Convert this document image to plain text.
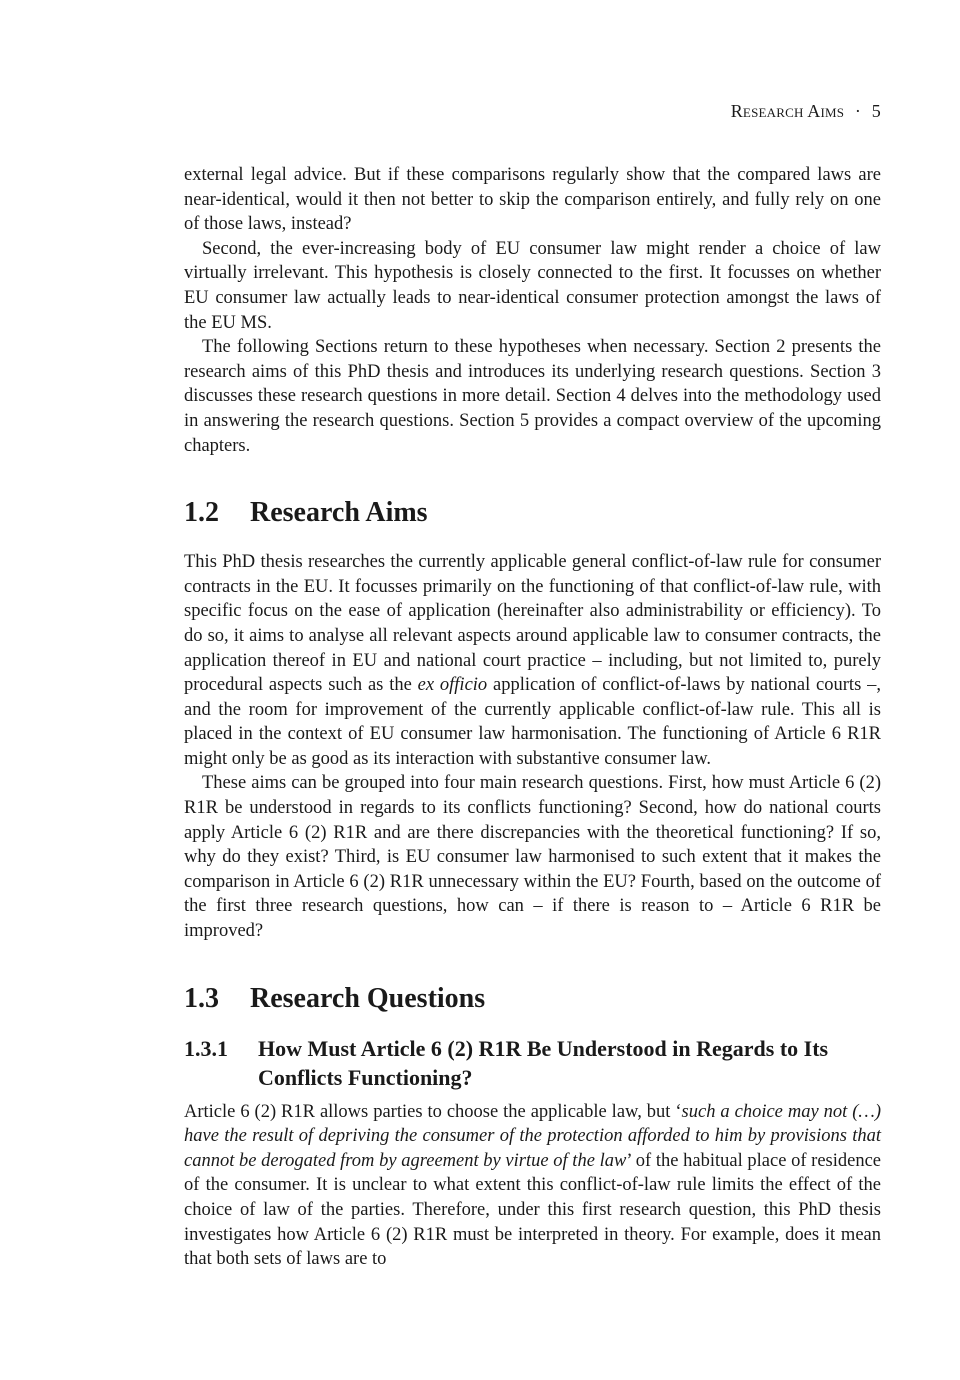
Research Aims · 5

external legal advice. But if these comparisons regularly show that the compared laws are near-identical, would it then not better to skip the comparison entirely, and fully rely on one of those laws, instead?

Second, the ever-increasing body of EU consumer law might render a choice of law virtually irrelevant. This hypothesis is closely connected to the first. It focusses on whether EU consumer law actually leads to near-identical consumer protection amongst the laws of the EU MS.

The following Sections return to these hypotheses when necessary. Section 2 presents the research aims of this PhD thesis and introduces its underlying research questions. Section 3 discusses these research questions in more detail. Section 4 delves into the methodology used in answering the research questions. Section 5 provides a compact overview of the upcoming chapters.

1.2	Research Aims

This PhD thesis researches the currently applicable general conflict-of-law rule for consumer contracts in the EU. It focusses primarily on the functioning of that conflict-of-law rule, with specific focus on the ease of application (hereinafter also administrability or efficiency). To do so, it aims to analyse all relevant aspects around applicable law to consumer contracts, the application thereof in EU and national court practice – including, but not limited to, purely procedural aspects such as the ex officio application of conflict-of-laws by national courts –, and the room for improvement of the currently applicable conflict-of-law rule. This all is placed in the context of EU consumer law harmonisation. The functioning of Article 6 R1R might only be as good as its interaction with substantive consumer law.

These aims can be grouped into four main research questions. First, how must Article 6 (2) R1R be understood in regards to its conflicts functioning? Second, how do national courts apply Article 6 (2) R1R and are there discrepancies with the theoretical functioning? If so, why do they exist? Third, is EU consumer law harmonised to such extent that it makes the comparison in Article 6 (2) R1R unnecessary within the EU? Fourth, based on the outcome of the first three research questions, how can – if there is reason to – Article 6 R1R be improved?

1.3	Research Questions
1.3.1	How Must Article 6 (2) R1R Be Understood in Regards to Its Conflicts Functioning?

Article 6 (2) R1R allows parties to choose the applicable law, but ‘such a choice may not (…) have the result of depriving the consumer of the protection afforded to him by provisions that cannot be derogated from by agreement by virtue of the law’ of the habitual place of residence of the consumer. It is unclear to what extent this conflict-of-law rule limits the effect of the choice of law of the parties. Therefore, under this first research question, this PhD thesis investigates how Article 6 (2) R1R must be interpreted in theory. For example, does it mean that both sets of laws are to
